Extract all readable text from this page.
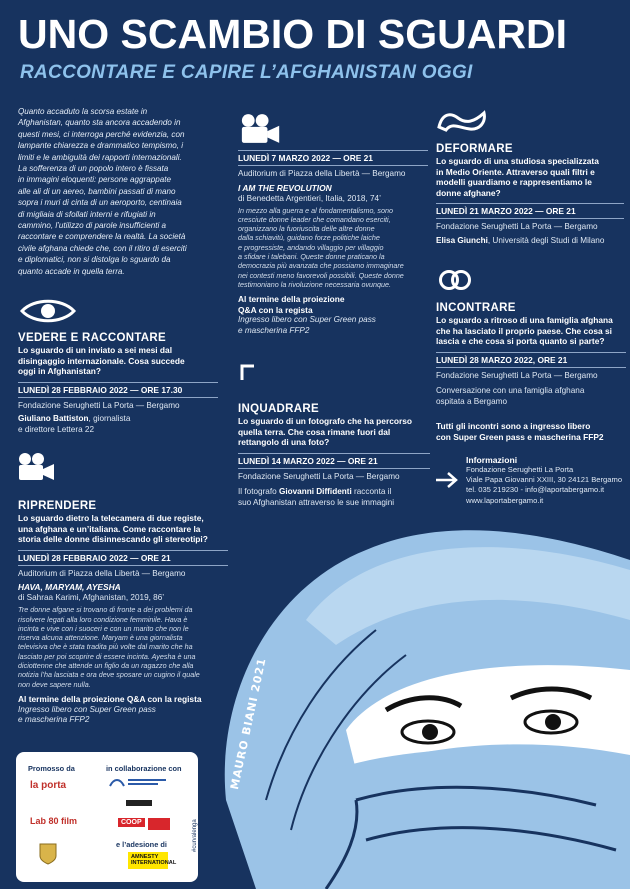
UNO SCAMBIO DI SGUARDI
RACCONTARE E CAPIRE L’AFGHANISTAN OGGI
Quanto accaduto la scorsa estate in
Afghanistan, quanto sta ancora accadendo in
questi mesi, ci interroga perché evidenzia, con
lampante chiarezza e drammatico tempismo, i
limiti e le ambiguità dei rapporti internazionali.
La sofferenza di un popolo intero è fissata
in immagini eloquenti: persone aggrappate
alle ali di un aereo, bambini passati di mano
sopra i muri di cinta di un aeroporto, centinaia
di migliaia di sfollati interni e rifugiati in
cammino, l’utilizzo di parole insufficienti a
raccontare e comprendere la realtà. La società
civile afghana chiede che, con il ritiro di eserciti
e diplomatici, non si distolga lo sguardo da
quanto accade in quella terra.
MAURO BIANI 2021
VEDERE E RACCONTARE
Lo sguardo di un inviato a sei mesi dal
disingaggio internazionale. Cosa succede
oggi in Afghanistan?
LUNEDÌ 28 FEBBRAIO 2022 — ORE 17.30
Fondazione Serughetti La Porta — Bergamo
Giuliano Battiston, giornalista
e direttore Lettera 22
RIPRENDERE
Lo sguardo dietro la telecamera di due registe,
una afghana e un’italiana. Come raccontare la
storia delle donne disinnescando gli stereotipi?
LUNEDÌ 28 FEBBRAIO 2022 — ORE 21
Auditorium di Piazza della Libertà — Bergamo
HAVA, MARYAM, AYESHA
di Sahraa Karimi, Afghanistan, 2019, 86’
Tre donne afgane si trovano di fronte a dei problemi da
risolvere legati alla loro condizione femminile. Hava è
incinta e vive con i suoceri e con un marito che non le
riserva alcuna attenzione. Maryam è una giornalista
televisiva che è stata tradita più volte dal marito che ha
lasciato per poi scoprire di essere incinta. Ayesha è una
diciottenne che attende un figlio da un ragazzo che alla
notizia l’ha lasciata e ora deve sposare un cugino il quale
non deve sapere nulla.
Al termine della proiezione Q&A con la regista
Ingresso libero con Super Green pass
e mascherina FFP2
LUNEDÌ 7 MARZO 2022 — ORE 21
Auditorium di Piazza della Libertà — Bergamo
I AM THE REVOLUTION
di Benedetta Argentieri, Italia, 2018, 74’
In mezzo alla guerra e al fondamentalismo, sono
cresciute donne leader che comandano eserciti,
organizzano la fuoriuscita delle altre donne
dalla schiavitù, guidano forze politiche laiche
e progressiste, andando villaggio per villaggio
a sfidare i talebani. Queste donne praticano la
democrazia più avanzata che possiamo immaginare
nei contesti meno favorevoli possibili. Queste donne
testimoniano la rivoluzione necessaria ovunque.
Al termine della proiezione
Q&A con la regista
Ingresso libero con Super Green pass
e mascherina FFP2
INQUADRARE
Lo sguardo di un fotografo che ha percorso
quella terra. Che cosa rimane fuori dal
rettangolo di una foto?
LUNEDÌ 14 MARZO 2022 — ORE 21
Fondazione Serughetti La Porta — Bergamo
Il fotografo Giovanni Diffidenti racconta il
suo Afghanistan attraverso le sue immagini
DEFORMARE
Lo sguardo di una studiosa specializzata
in Medio Oriente. Attraverso quali filtri e
modelli guardiamo e rappresentiamo le
donne afghane?
LUNEDÌ 21 MARZO 2022 — ORE 21
Fondazione Serughetti La Porta — Bergamo
Elisa Giunchi, Università degli Studi di Milano
INCONTRARE
Lo sguardo a ritroso di una famiglia afghana
che ha lasciato il proprio paese. Che cosa si
lascia e che cosa si porta quanto si parte?
LUNEDÌ 28 MARZO 2022, ORE 21
Fondazione Serughetti La Porta — Bergamo
Conversazione con una famiglia afghana
ospitata a Bergamo
Tutti gli incontri sono a ingresso libero
con Super Green pass e mascherina FFP2
Informazioni
Fondazione Serughetti La Porta
Viale Papa Giovanni XXIII, 30 24121 Bergamo
tel. 035 219230 - info@laportabergamo.it
www.laportabergamo.it
Promosso da	in collaborazione con
la porta
Lab 80 film	COOP
e l’adesione di
AMNESTY INTERNATIONAL
#curvalenga
